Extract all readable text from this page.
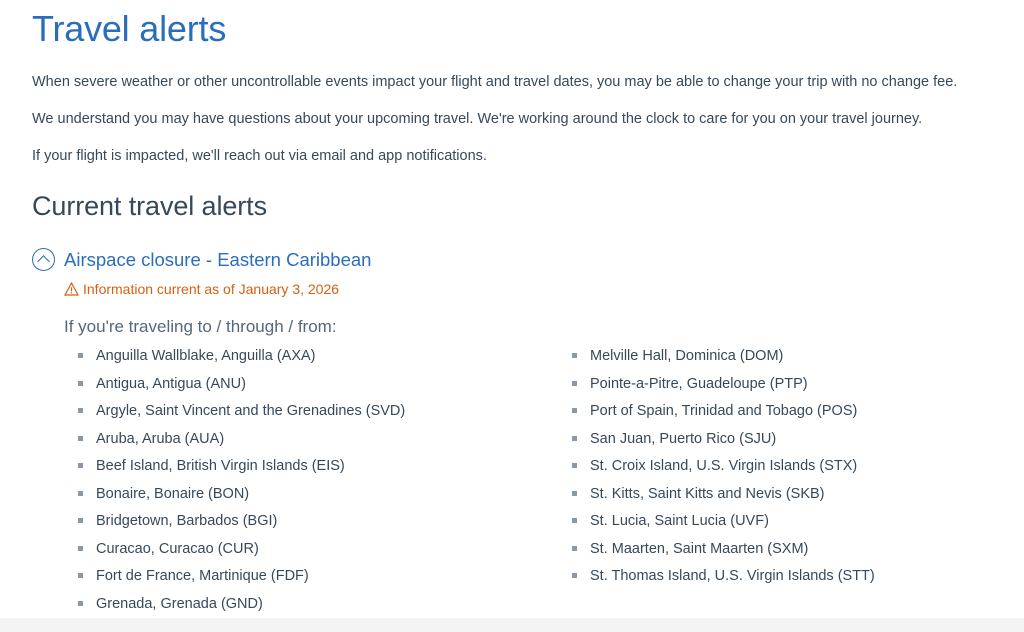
Travel alerts

When severe weather or other uncontrollable events impact your flight and travel dates, you may be able to change your trip with no change fee.

We understand you may have questions about your upcoming travel. We're working around the clock to care for you on your travel journey.

If your flight is impacted, we'll reach out via email and app notifications.

Current travel alerts
Airspace closure - Eastern Caribbean
Information current as of January 3, 2026
If you're traveling to / through / from:
Anguilla Wallblake, Anguilla (AXA)
Antigua, Antigua (ANU)
Argyle, Saint Vincent and the Grenadines (SVD)
Aruba, Aruba (AUA)
Beef Island, British Virgin Islands (EIS)
Bonaire, Bonaire (BON)
Bridgetown, Barbados (BGI)
Curacao, Curacao (CUR)
Fort de France, Martinique (FDF)
Grenada, Grenada (GND)
Melville Hall, Dominica (DOM)
Pointe-a-Pitre, Guadeloupe (PTP)
Port of Spain, Trinidad and Tobago (POS)
San Juan, Puerto Rico (SJU)
St. Croix Island, U.S. Virgin Islands (STX)
St. Kitts, Saint Kitts and Nevis (SKB)
St. Lucia, Saint Lucia (UVF)
St. Maarten, Saint Maarten (SXM)
St. Thomas Island, U.S. Virgin Islands (STT)
